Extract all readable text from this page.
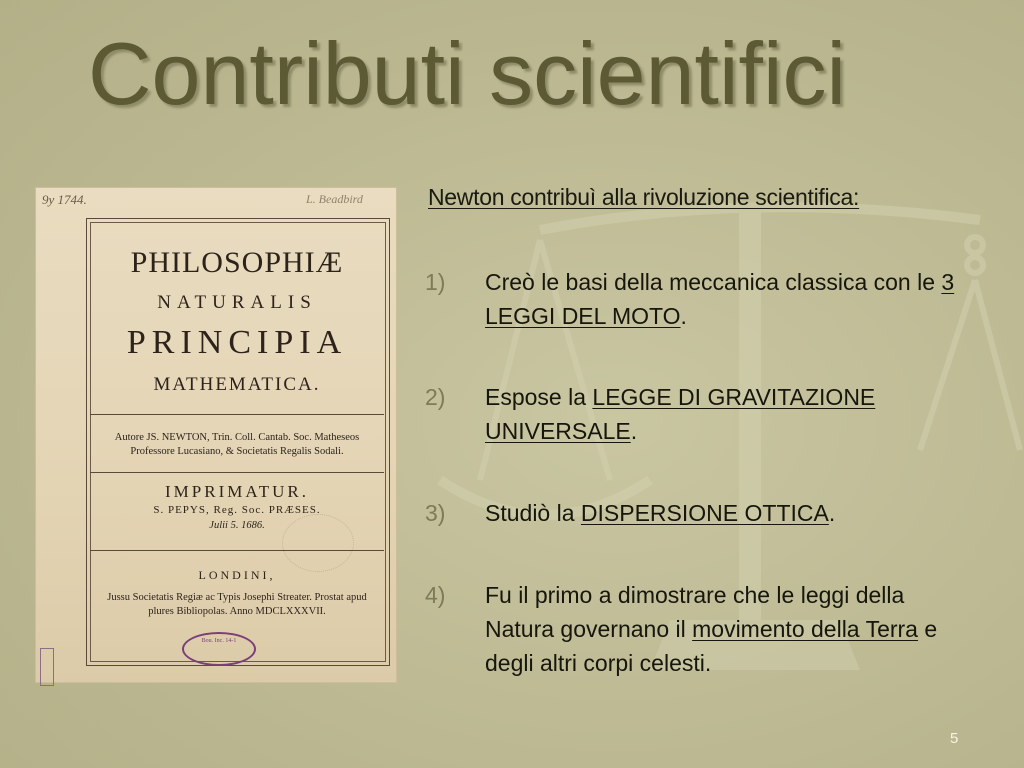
Contributi scientifici
9y 1744.	L. Beadbird
PHILOSOPHIÆ
NATURALIS
PRINCIPIA
MATHEMATICA.
Autore JS. NEWTON, Trin. Coll. Cantab. Soc. Matheseos
Professore Lucasiano, & Societatis Regalis Sodali.
IMPRIMATUR.
S. PEPYS, Reg. Soc. PRÆSES.
Julii 5. 1686.
LONDINI,
Jussu Societatis Regiæ ac Typis Josephi Streater. Prostat apud
plures Bibliopolas. Anno MDCLXXXVII.
Bou. Inc. 14-1
Newton contribuì alla rivoluzione scientifica:
1) Creò le basi della meccanica classica con le 3 LEGGI DEL MOTO.
2) Espose la LEGGE DI GRAVITAZIONE UNIVERSALE.
3) Studiò la DISPERSIONE OTTICA.
4) Fu il primo a dimostrare che le leggi della Natura governano il movimento della Terra e degli altri corpi celesti.
5
